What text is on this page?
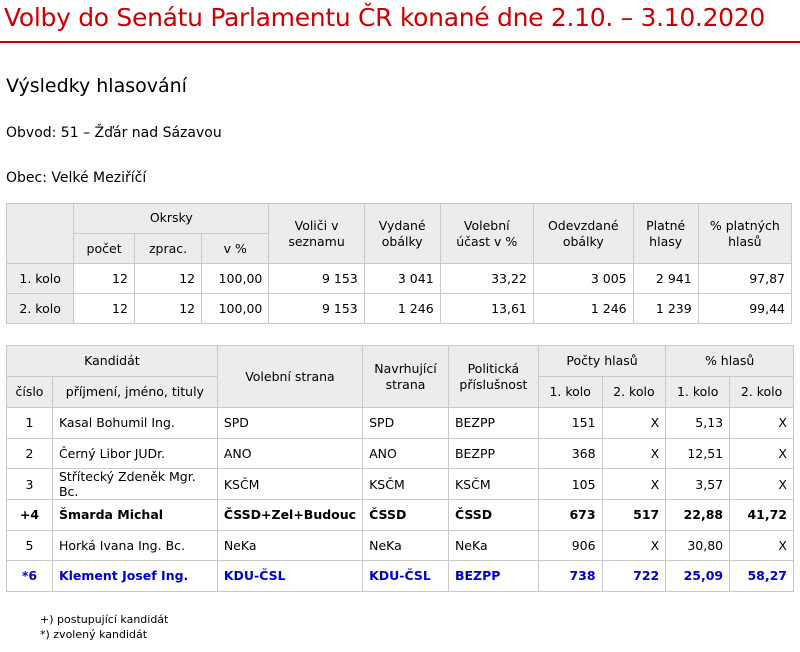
Volby do Senátu Parlamentu ČR konané dne 2.10. – 3.10.2020
Výsledky hlasování
Obvod: 51 – Žďár nad Sázavou
Obec: Velké Meziříčí
	Okrsky			Voliči v seznamu	Vydané obálky	Volební účast v %	Odevzdané obálky	Platné hlasy	% platných hlasů
	počet	zprac.	v %						
1. kolo	12	12	100,00	9 153	3 041	33,22	3 005	2 941	97,87
2. kolo	12	12	100,00	9 153	1 246	13,61	1 246	1 239	99,44
Kandidát		Volební strana	Navrhující strana	Politická příslušnost	Počty hlasů		% hlasů	
číslo	příjmení, jméno, tituly				1. kolo	2. kolo	1. kolo	2. kolo
1	Kasal Bohumil Ing.	SPD	SPD	BEZPP	151	X	5,13	X
2	Černý Libor JUDr.	ANO	ANO	BEZPP	368	X	12,51	X
3	Střítecký Zdeněk Mgr. Bc.	KSČM	KSČM	KSČM	105	X	3,57	X
+4	Šmarda Michal	ČSSD+Zel+Budouc	ČSSD	ČSSD	673	517	22,88	41,72
5	Horká Ivana Ing. Bc.	NeKa	NeKa	NeKa	906	X	30,80	X
*6	Klement Josef Ing.	KDU-ČSL	KDU-ČSL	BEZPP	738	722	25,09	58,27
+) postupující kandidát
*) zvolený kandidát
